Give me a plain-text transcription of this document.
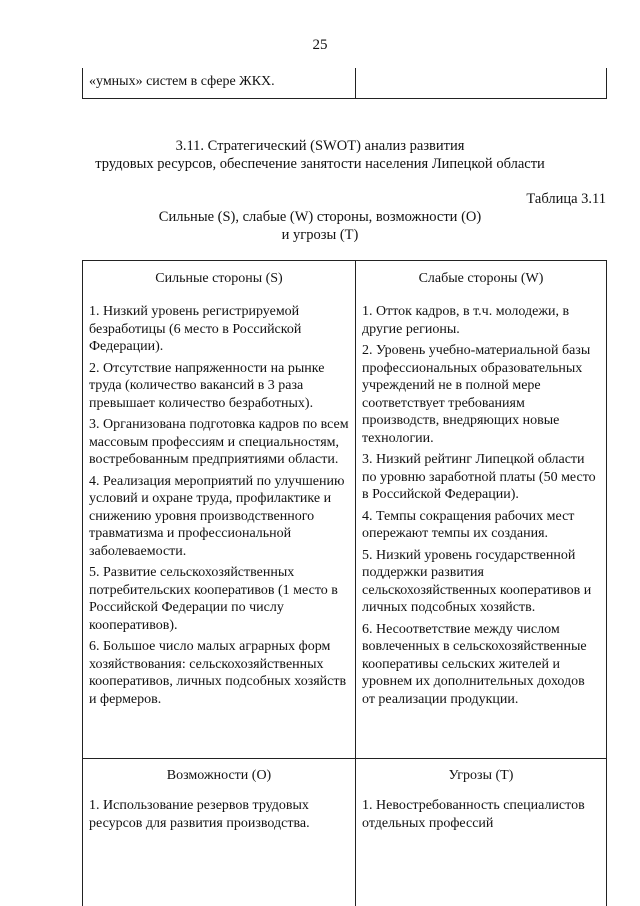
25
«умных» систем в сфере ЖКХ.
3.11. Стратегический (SWOT) анализ развития
трудовых ресурсов, обеспечение занятости населения Липецкой области
Таблица 3.11
Сильные (S), слабые (W) стороны, возможности (O)
и угрозы (T)
Сильные стороны (S)	Слабые стороны (W)

1. Низкий уровень регистрируемой безработицы (6 место в Российской Федерации).

2. Отсутствие напряженности на рынке труда (количество вакансий в 3 раза превышает количество безработных).

3. Организована подготовка кадров по всем массовым профессиям и специальностям, востребованным предприятиями области.

4. Реализация мероприятий по улучшению условий и охране труда, профилактике и снижению уровня производственного травматизма и профессиональной заболеваемости.

5. Развитие сельскохозяйственных потребительских кооперативов (1 место в Российской Федерации по числу кооперативов).

6. Большое число малых аграрных форм хозяйствования: сельскохозяйственных кооперативов, личных подсобных хозяйств и фермеров.

1. Отток кадров, в т.ч. молодежи, в другие регионы.

2. Уровень учебно-материальной базы профессиональных образовательных учреждений не в полной мере соответствует требованиям производств, внедряющих новые технологии.

3. Низкий рейтинг Липецкой области по уровню заработной платы (50 место в Российской Федерации).

4. Темпы сокращения рабочих мест опережают темпы их создания.

5. Низкий уровень государственной поддержки развития сельскохозяйственных кооперативов и личных подсобных хозяйств.

6. Несоответствие между числом вовлеченных в сельскохозяйственные кооперативы сельских жителей и уровнем их дополнительных доходов от реализации продукции.

Возможности (O)	Угрозы (Т)

1. Использование резервов трудовых ресурсов для развития производства.

1. Невостребованность специалистов отдельных профессий
